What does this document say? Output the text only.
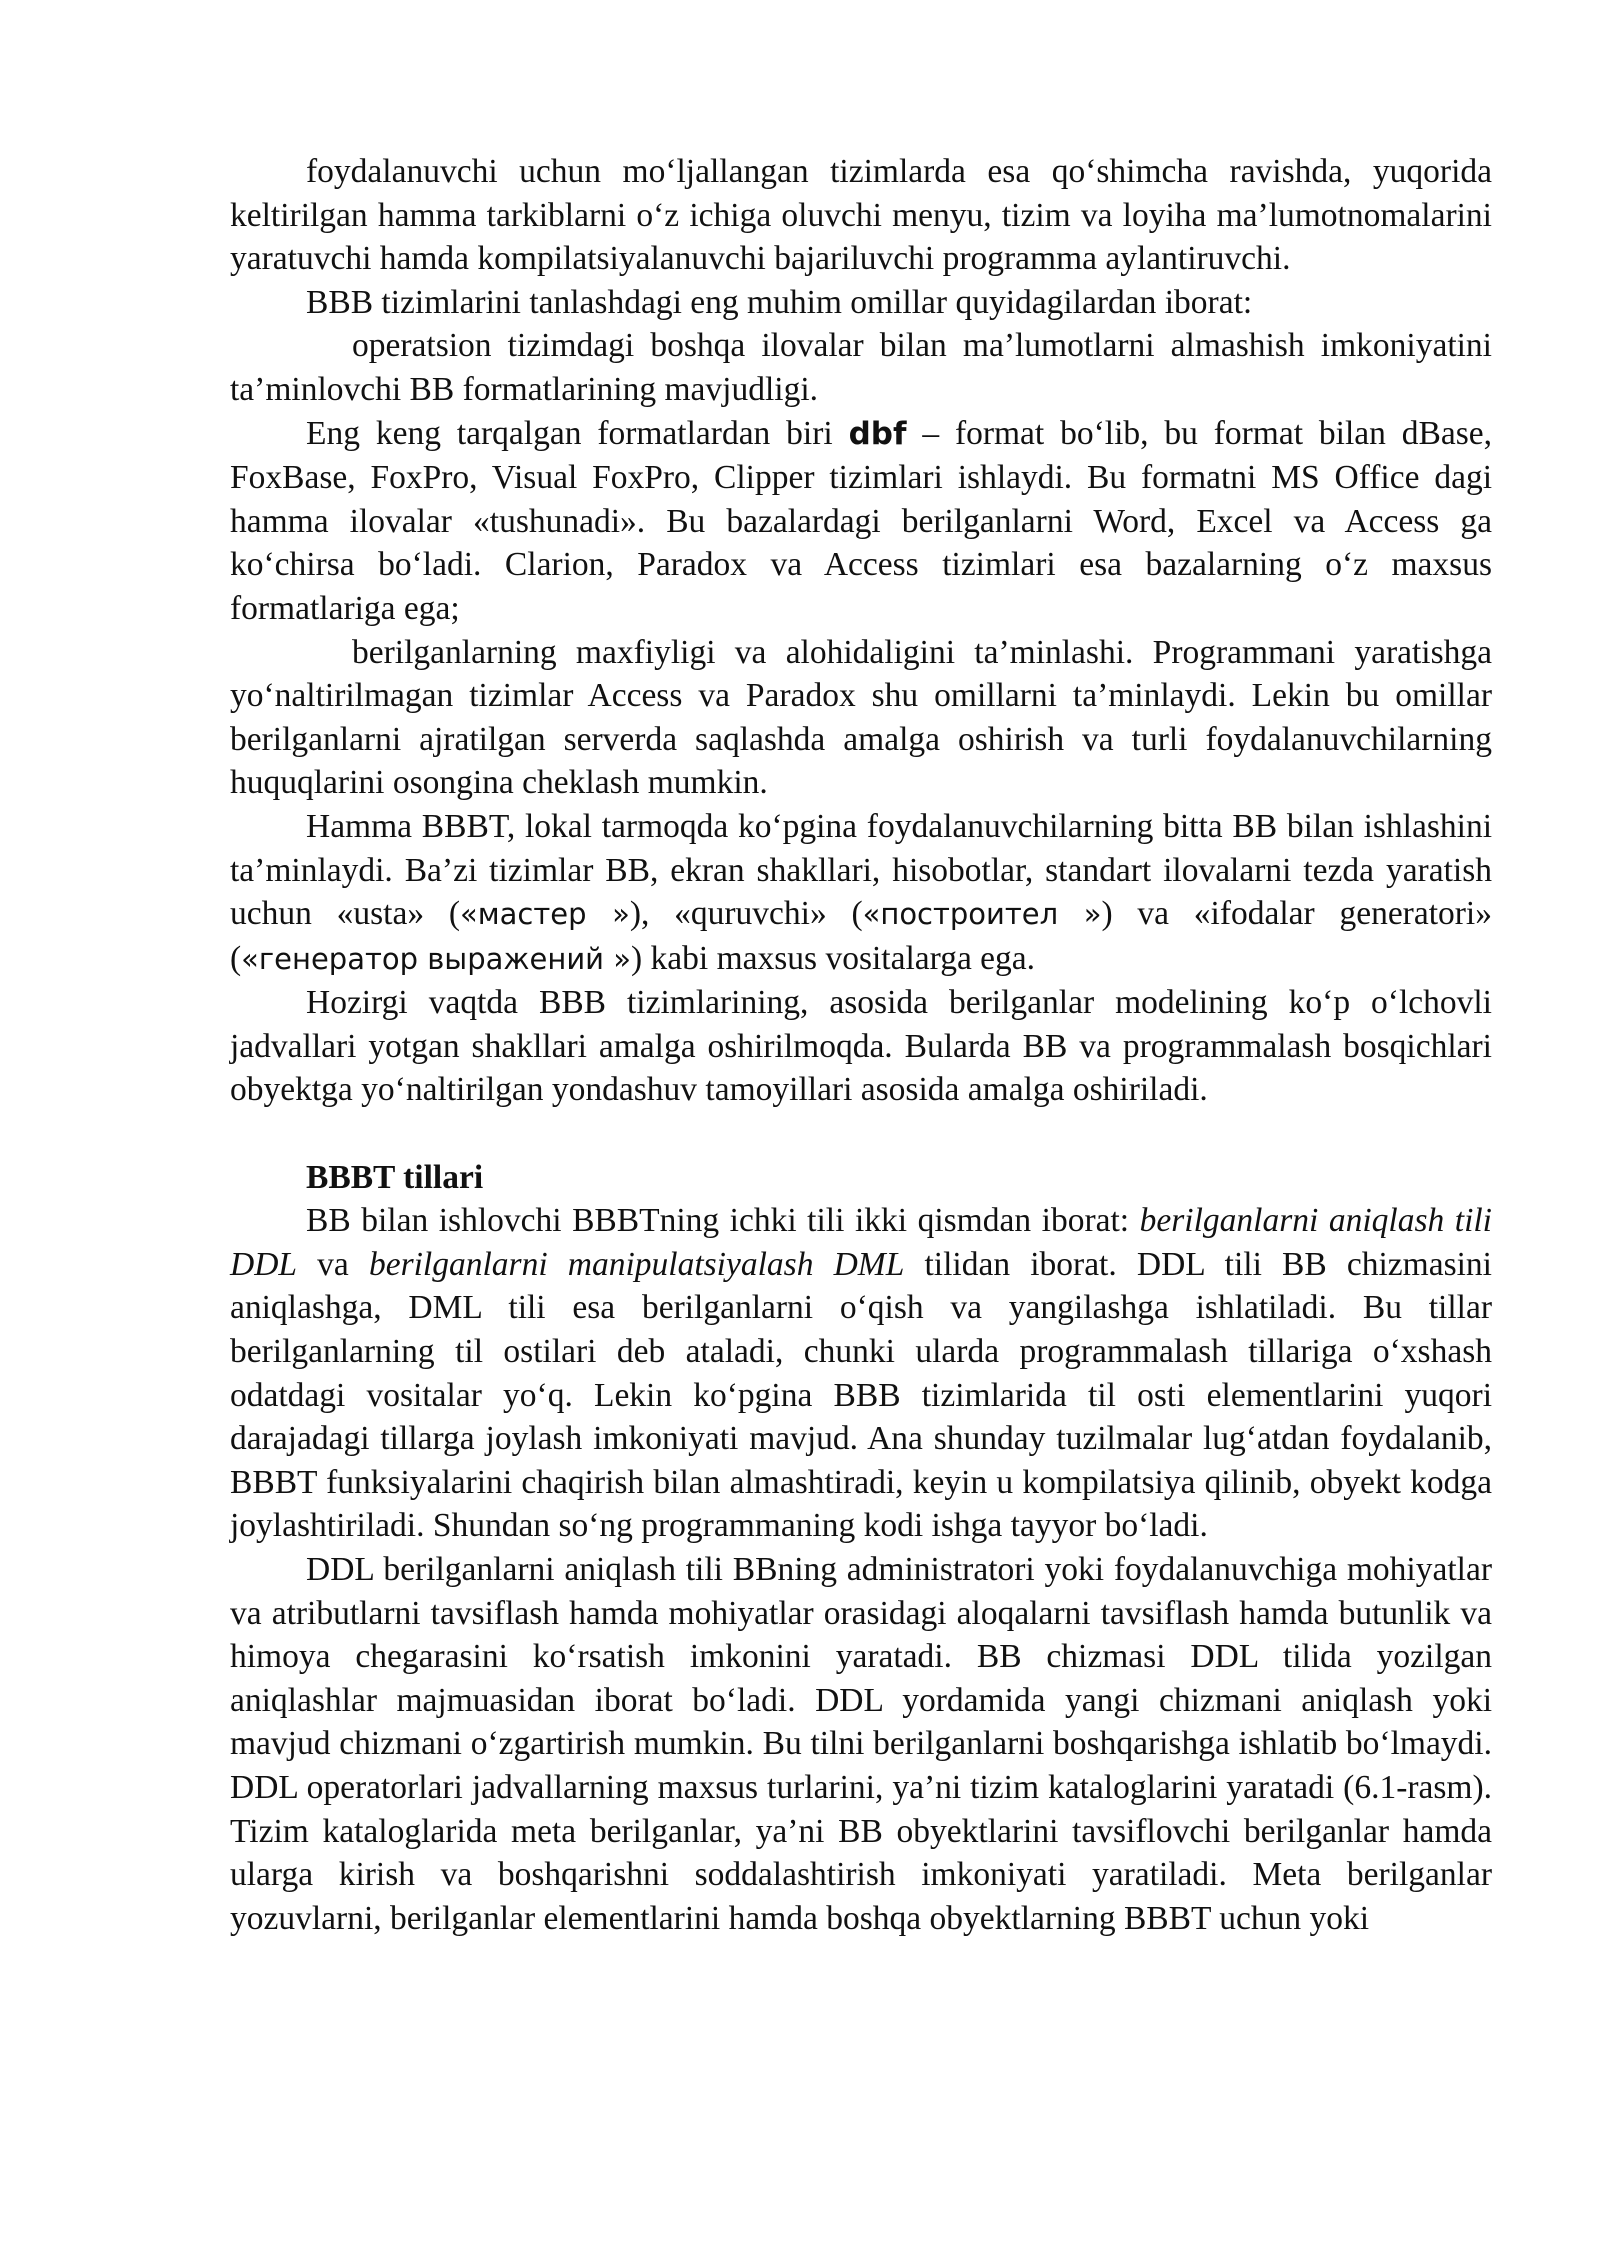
foydalanuvchi uchun mo‘ljallangan tizimlarda esa qo‘shimcha ravishda, yuqorida keltirilgan hamma tarkiblarni o‘z ichiga oluvchi menyu, tizim va loyiha ma’lumotnomalarini yaratuvchi hamda kompilatsiyalanuvchi bajariluvchi programma aylantiruvchi.

BBB tizimlarini tanlashdagi eng muhim omillar quyidagilardan iborat:

operatsion tizimdagi boshqa ilovalar bilan ma’lumotlarni almashish imkoniyatini ta’minlovchi BB formatlarining mavjudligi.

Eng keng tarqalgan formatlardan biri dbf – format bo‘lib, bu format bilan dBase, FoxBase, FoxPro, Visual FoxPro, Clipper tizimlari ishlaydi. Bu formatni MS Office dagi hamma ilovalar «tushunadi». Bu bazalardagi berilganlarni Word, Excel va Access ga ko‘chirsa bo‘ladi. Clarion, Paradox va Access tizimlari esa bazalarning o‘z maxsus formatlariga ega;

berilganlarning maxfiyligi va alohidaligini ta’minlashi. Programmani yaratishga yo‘naltirilmagan tizimlar Access va Paradox shu omillarni ta’minlaydi. Lekin bu omillar berilganlarni ajratilgan serverda saqlashda amalga oshirish va turli foydalanuvchilarning huquqlarini osongina cheklash mumkin.

Hamma BBBT, lokal tarmoqda ko‘pgina foydalanuvchilarning bitta BB bilan ishlashini ta’minlaydi. Ba’zi tizimlar BB, ekran shakllari, hisobotlar, standart ilovalarni tezda yaratish uchun «usta» («мастер »), «quruvchi» («построител ») va «ifodalar generatori» («генератор выражений ») kabi maxsus vositalarga ega.

Hozirgi vaqtda BBB tizimlarining, asosida berilganlar modelining ko‘p o‘lchovli jadvallari yotgan shakllari amalga oshirilmoqda. Bularda BB va programmalash bosqichlari obyektga yo‘naltirilgan yondashuv tamoyillari asosida amalga oshiriladi.

BBBT tillari

BB bilan ishlovchi BBBTning ichki tili ikki qismdan iborat: berilganlarni aniqlash tili DDL va berilganlarni manipulatsiyalash DML tilidan iborat. DDL tili BB chizmasini aniqlashga, DML tili esa berilganlarni o‘qish va yangilashga ishlatiladi. Bu tillar berilganlarning til ostilari deb ataladi, chunki ularda programmalash tillariga o‘xshash odatdagi vositalar yo‘q. Lekin ko‘pgina BBB tizimlarida til osti elementlarini yuqori darajadagi tillarga joylash imkoniyati mavjud. Ana shunday tuzilmalar lug‘atdan foydalanib, BBBT funksiyalarini chaqirish bilan almashtiradi, keyin u kompilatsiya qilinib, obyekt kodga joylashtiriladi. Shundan so‘ng programmaning kodi ishga tayyor bo‘ladi.

DDL berilganlarni aniqlash tili BBning administratori yoki foydalanuvchiga mohiyatlar va atributlarni tavsiflash hamda mohiyatlar orasidagi aloqalarni tavsiflash hamda butunlik va himoya chegarasini ko‘rsatish imkonini yaratadi. BB chizmasi DDL tilida yozilgan aniqlashlar majmuasidan iborat bo‘ladi. DDL yordamida yangi chizmani aniqlash yoki mavjud chizmani o‘zgartirish mumkin. Bu tilni berilganlarni boshqarishga ishlatib bo‘lmaydi. DDL operatorlari jadvallarning maxsus turlarini, ya’ni tizim kataloglarini yaratadi (6.1-rasm). Tizim kataloglarida meta berilganlar, ya’ni BB obyektlarini tavsiflovchi berilganlar hamda ularga kirish va boshqarishni soddalashtirish imkoniyati yaratiladi. Meta berilganlar yozuvlarni, berilganlar elementlarini hamda boshqa obyektlarning BBBT uchun yoki
